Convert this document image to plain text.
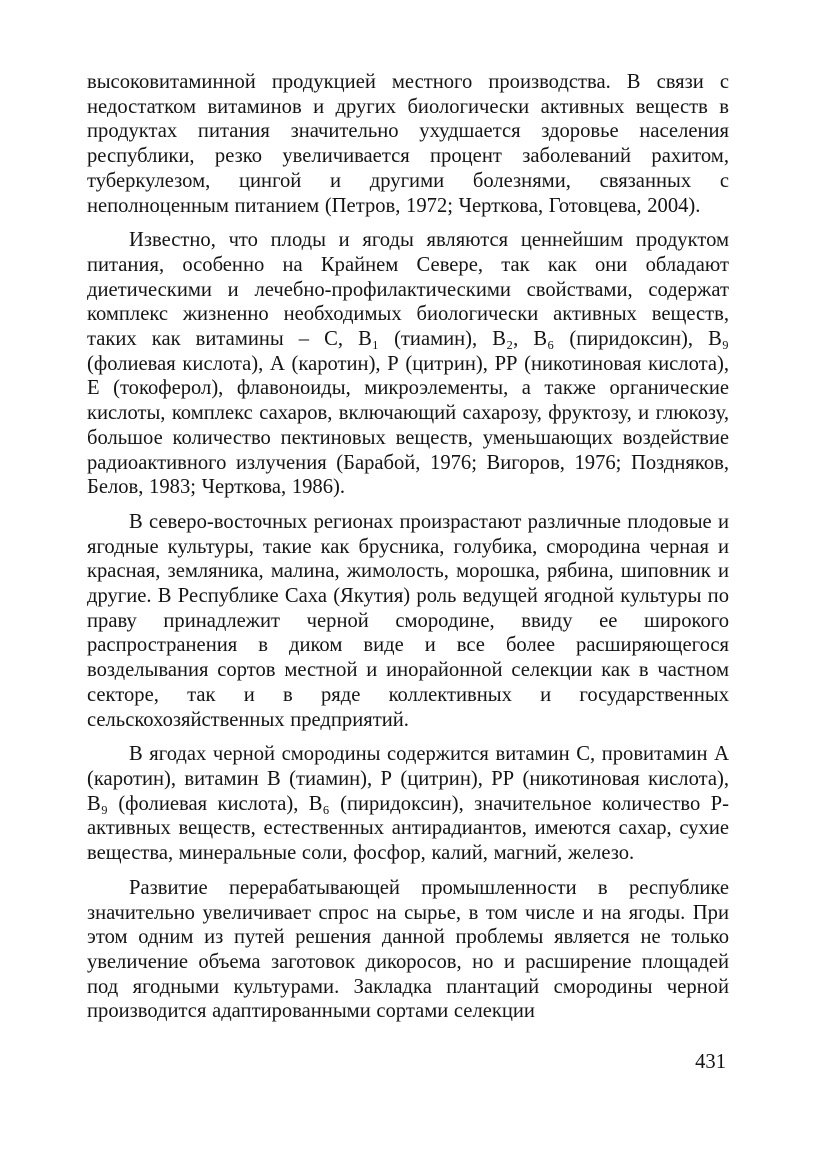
высоковитаминной продукцией местного производства. В связи с недостатком витаминов и других биологически активных веществ в продуктах питания значительно ухудшается здоровье населения республики, резко увеличивается процент заболеваний рахитом, туберкулезом, цингой и другими болезнями, связанных с неполноценным питанием (Петров, 1972; Черткова, Готовцева, 2004).

Известно, что плоды и ягоды являются ценнейшим продуктом питания, особенно на Крайнем Севере, так как они обладают диетическими и лечебно-профилактическими свойствами, содержат комплекс жизненно необходимых биологически активных веществ, таких как витамины – С, B₁ (тиамин), B₂, B₆ (пиридоксин), B₉ (фолиевая кислота), А (каротин), Р (цитрин), РР (никотиновая кислота), Е (токоферол), флавоноиды, микроэлементы, а также органические кислоты, комплекс сахаров, включающий сахарозу, фруктозу, и глюкозу, большое количество пектиновых веществ, уменьшающих воздействие радиоактивного излучения (Барабой, 1976; Вигоров, 1976; Поздняков, Белов, 1983; Черткова, 1986).

В северо-восточных регионах произрастают различные плодовые и ягодные культуры, такие как брусника, голубика, смородина черная и красная, земляника, малина, жимолость, морошка, рябина, шиповник и другие. В Республике Саха (Якутия) роль ведущей ягодной культуры по праву принадлежит черной смородине, ввиду ее широкого распространения в диком виде и все более расширяющегося возделывания сортов местной и инорайонной селекции как в частном секторе, так и в ряде коллективных и государственных сельскохозяйственных предприятий.

В ягодах черной смородины содержится витамин С, провитамин А (каротин), витамин В (тиамин), Р (цитрин), РР (никотиновая кислота), B₉ (фолиевая кислота), B₆ (пиридоксин), значительное количество Р-активных веществ, естественных антирадиантов, имеются сахар, сухие вещества, минеральные соли, фосфор, калий, магний, железо.

Развитие перерабатывающей промышленности в республике значительно увеличивает спрос на сырье, в том числе и на ягоды. При этом одним из путей решения данной проблемы является не только увеличение объема заготовок дикоросов, но и расширение площадей под ягодными культурами. Закладка плантаций смородины черной производится адаптированными сортами селекции

431
